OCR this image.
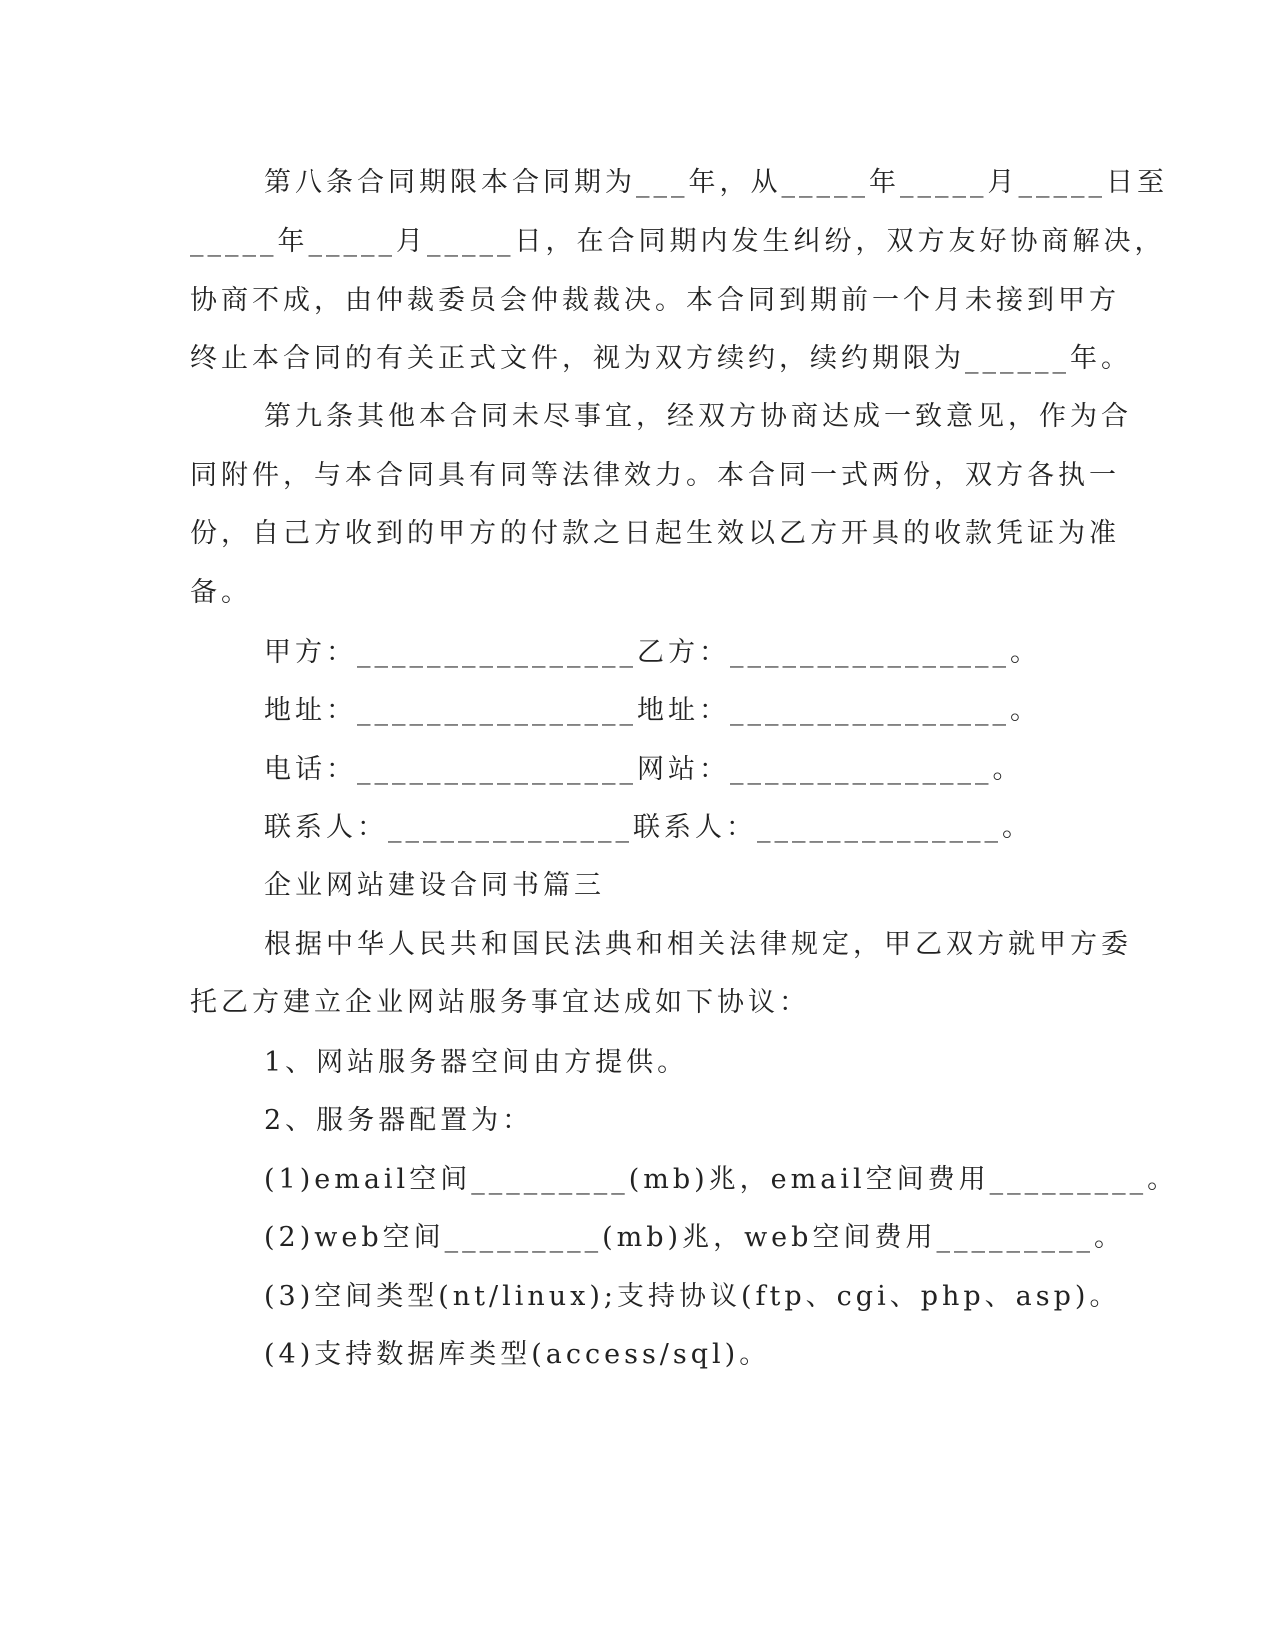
第八条合同期限本合同期为___年，从_____年_____月_____日至
_____年_____月_____日，在合同期内发生纠纷，双方友好协商解决，
协商不成，由仲裁委员会仲裁裁决。本合同到期前一个月未接到甲方
终止本合同的有关正式文件，视为双方续约，续约期限为______年。
第九条其他本合同未尽事宜，经双方协商达成一致意见，作为合
同附件，与本合同具有同等法律效力。本合同一式两份，双方各执一
份，自己方收到的甲方的付款之日起生效以乙方开具的收款凭证为准
备。
甲方：________________乙方：________________。
地址：________________地址：________________。
电话：________________网站：_______________。
联系人：______________联系人：______________。
企业网站建设合同书篇三
根据中华人民共和国民法典和相关法律规定，甲乙双方就甲方委
托乙方建立企业网站服务事宜达成如下协议：
1、网站服务器空间由方提供。
2、服务器配置为：
(1)email空间_________(mb)兆，email空间费用_________。
(2)web空间_________(mb)兆，web空间费用_________。
(3)空间类型(nt/linux);支持协议(ftp、cgi、php、asp)。
(4)支持数据库类型(access/sql)。
